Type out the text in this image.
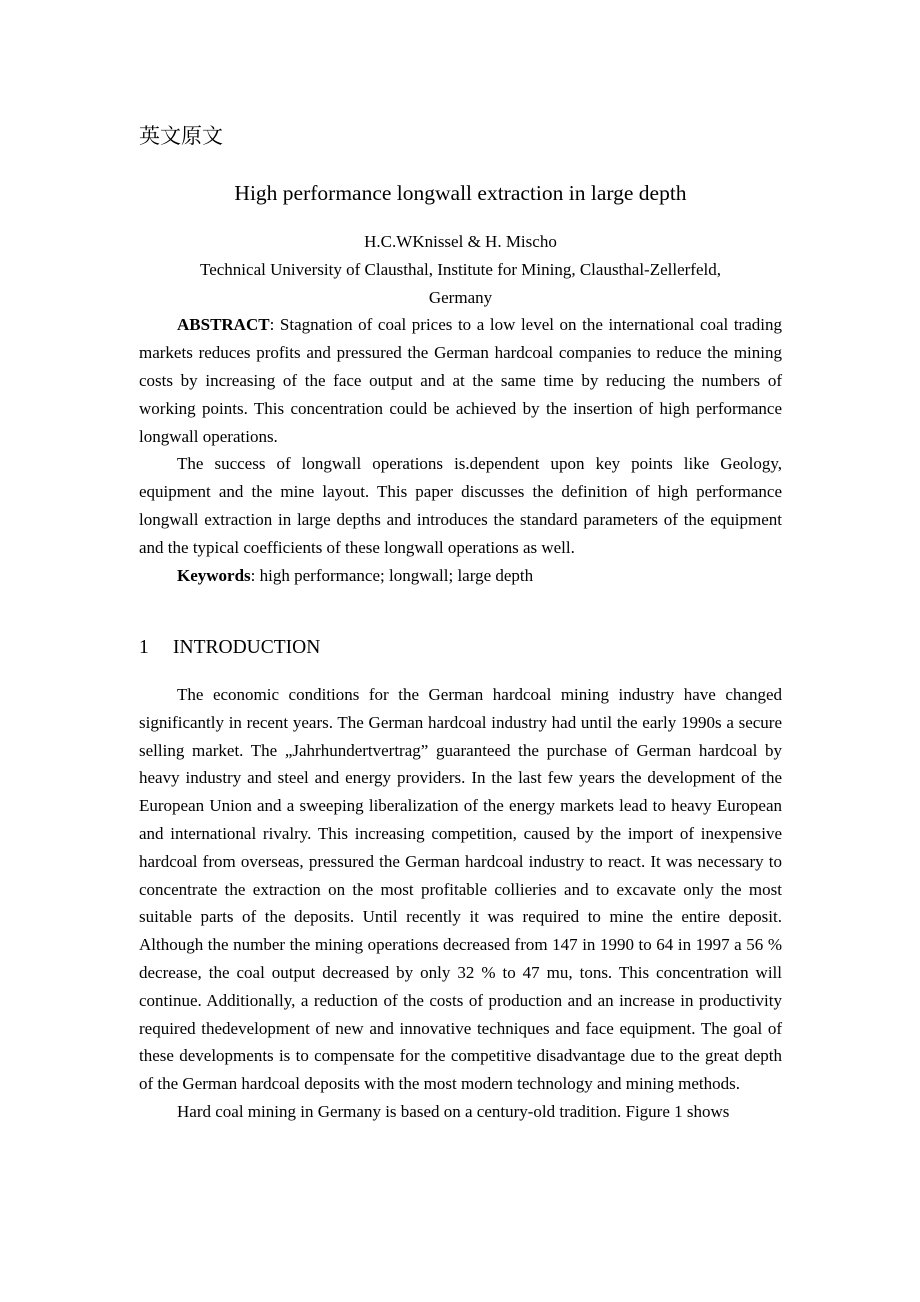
英文原文
High performance longwall extraction in large depth
H.C.WKnissel & H. Mischo
Technical University of Clausthal, Institute for Mining, Clausthal-Zellerfeld,
Germany

ABSTRACT: Stagnation of coal prices to a low level on the international coal trading markets reduces profits and pressured the German hardcoal companies to reduce the mining costs by increasing of the face output and at the same time by reducing the numbers of working points. This concentration could be achieved by the insertion of high performance longwall operations.

The success of longwall operations is.dependent upon key points like Geology, equipment and the mine layout. This paper discusses the definition of high performance longwall extraction in large depths and introduces the standard parameters of the equipment and the typical coefficients of these longwall operations as well.

Keywords: high performance; longwall; large depth

1 INTRODUCTION

The economic conditions for the German hardcoal mining industry have changed significantly in recent years. The German hardcoal industry had until the early 1990s a secure selling market. The „Jahrhundertvertrag” guaranteed the purchase of German hardcoal by heavy industry and steel and energy providers. In the last few years the development of the European Union and a sweeping liberalization of the energy markets lead to heavy European and international rivalry. This increasing competition, caused by the import of inexpensive hardcoal from overseas, pressured the German hardcoal industry to react. It was necessary to concentrate the extraction on the most profitable collieries and to excavate only the most suitable parts of the deposits. Until recently it was required to mine the entire deposit. Although the number the mining operations decreased from 147 in 1990 to 64 in 1997 a 56 % decrease, the coal output decreased by only 32 % to 47 mu, tons. This concentration will continue. Additionally, a reduction of the costs of production and an increase in productivity required thedevelopment of new and innovative techniques and face equipment. The goal of these developments is to compensate for the competitive disadvantage due to the great depth of the German hardcoal deposits with the most modern technology and mining methods.

Hard coal mining in Germany is based on a century-old tradition. Figure 1 shows
